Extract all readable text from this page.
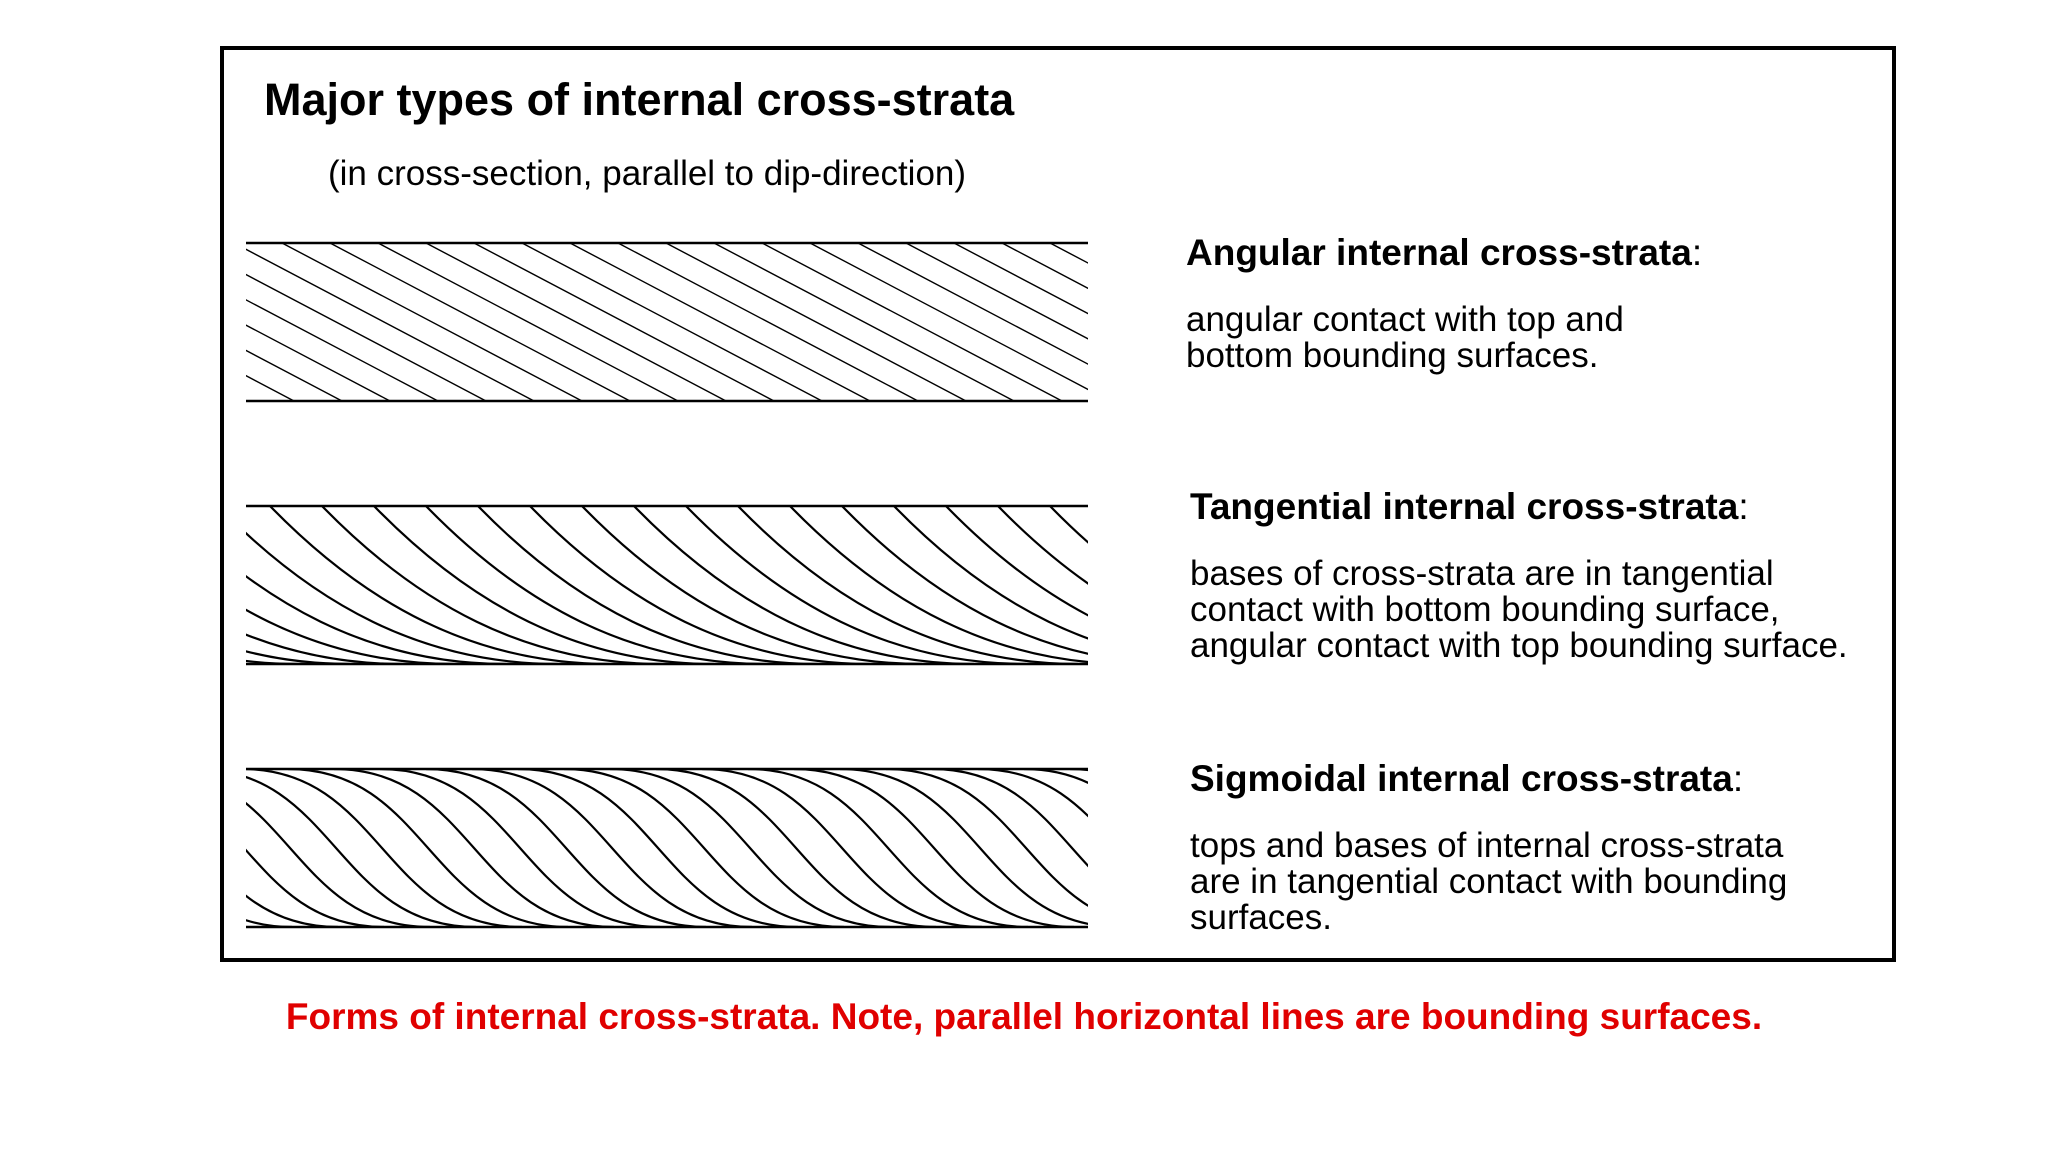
Major types of internal cross-strata
(in cross-section, parallel to dip-direction)
Angular internal cross-strata:
angular contact with top and
bottom bounding surfaces.
Tangential internal cross-strata:
bases of cross-strata are in tangential
contact with bottom bounding surface,
angular contact with top bounding surface.
Sigmoidal internal cross-strata:
tops and bases of internal cross-strata
are in tangential contact with bounding
surfaces.
Forms of internal cross-strata. Note, parallel horizontal lines are bounding surfaces.
